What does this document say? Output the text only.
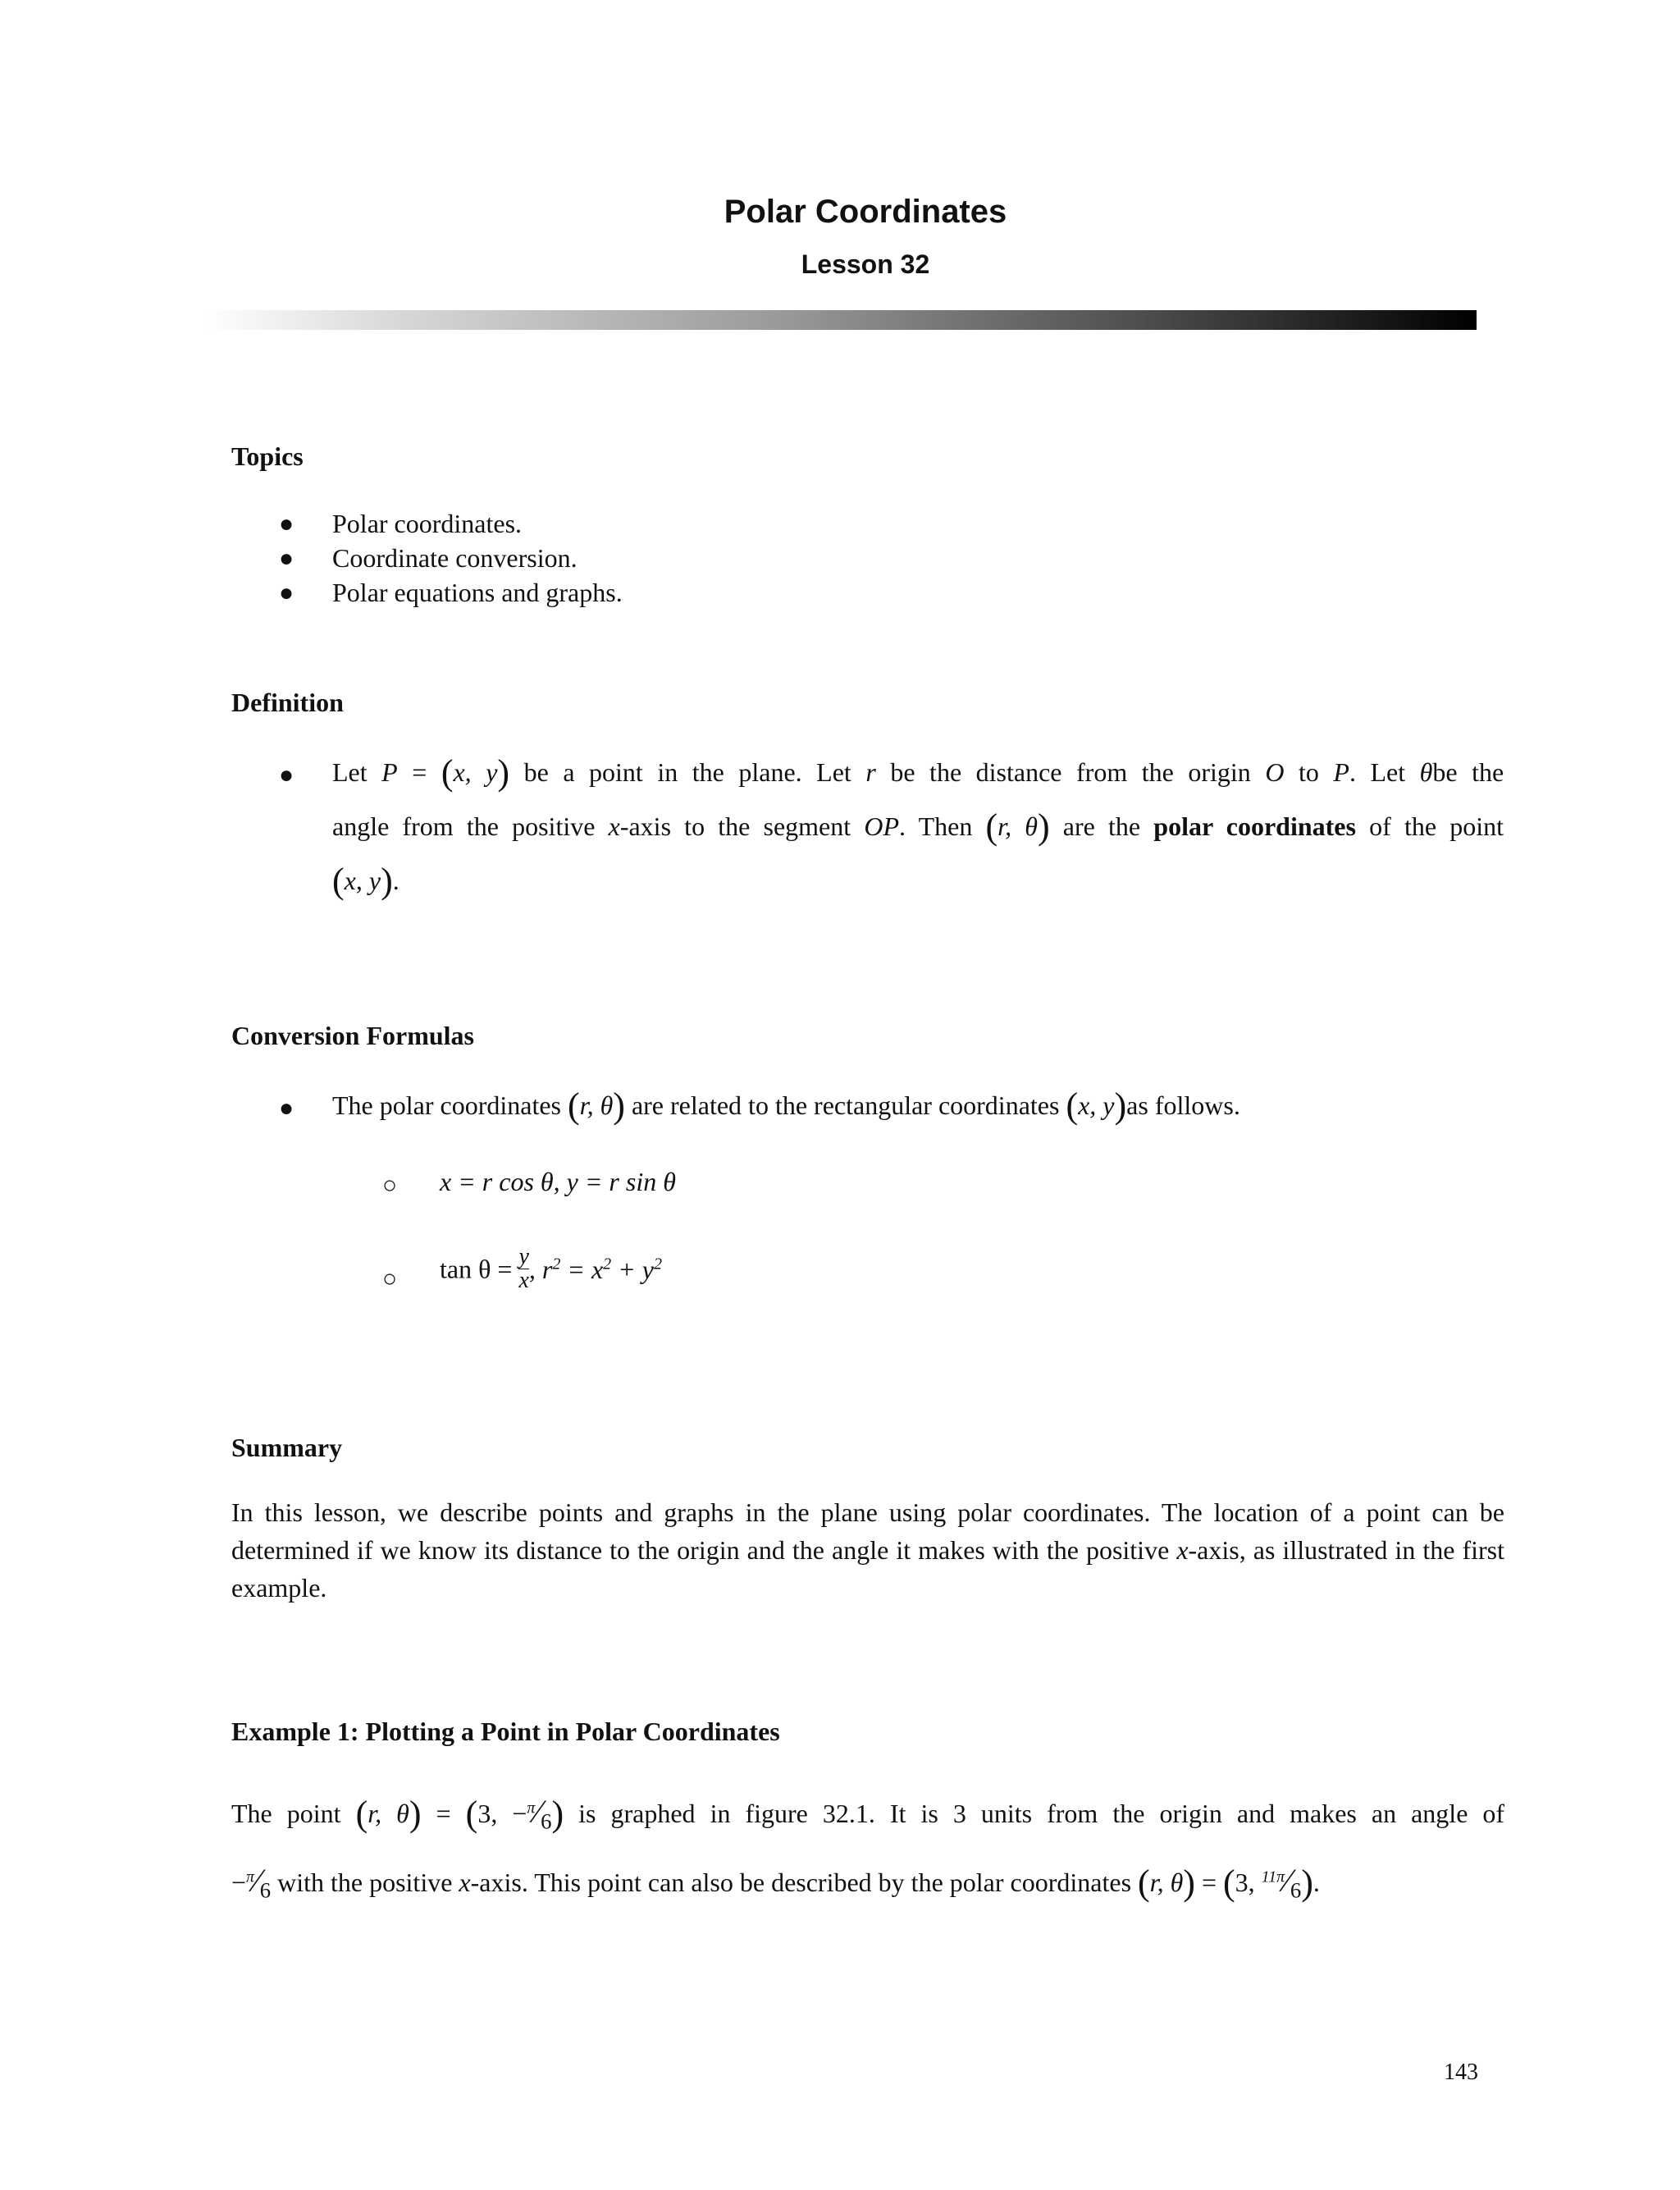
Polar Coordinates
Lesson 32
Topics
● Polar coordinates.
● Coordinate conversion.
● Polar equations and graphs.
Definition
● Let P = (x, y) be a point in the plane. Let r be the distance from the origin O to P. Let θbe the
angle from the positive x-axis to the segment OP. Then (r, θ) are the polar coordinates of the point
(x, y).
Conversion Formulas
● The polar coordinates (r, θ) are related to the rectangular coordinates (x, y)as follows.
○ x = r cos θ, y = r sin θ
○ $\tan \theta = \frac{y}{x}$ , $r^2 = x^2 + y^2$
Summary
In this lesson, we describe points and graphs in the plane using polar coordinates. The location of a point can be determined if we know its distance to the origin and the angle it makes with the positive x-axis, as illustrated in the first example.
Example 1: Plotting a Point in Polar Coordinates
The point (r, θ) = (3, $-^\pi⁄_6$) is graphed in figure 32.1. It is 3 units from the origin and makes an angle of
$-^\pi⁄_6$ with the positive x-axis. This point can also be described by the polar coordinates (r, θ) = (3, $^{11\pi}⁄_6$).
143
